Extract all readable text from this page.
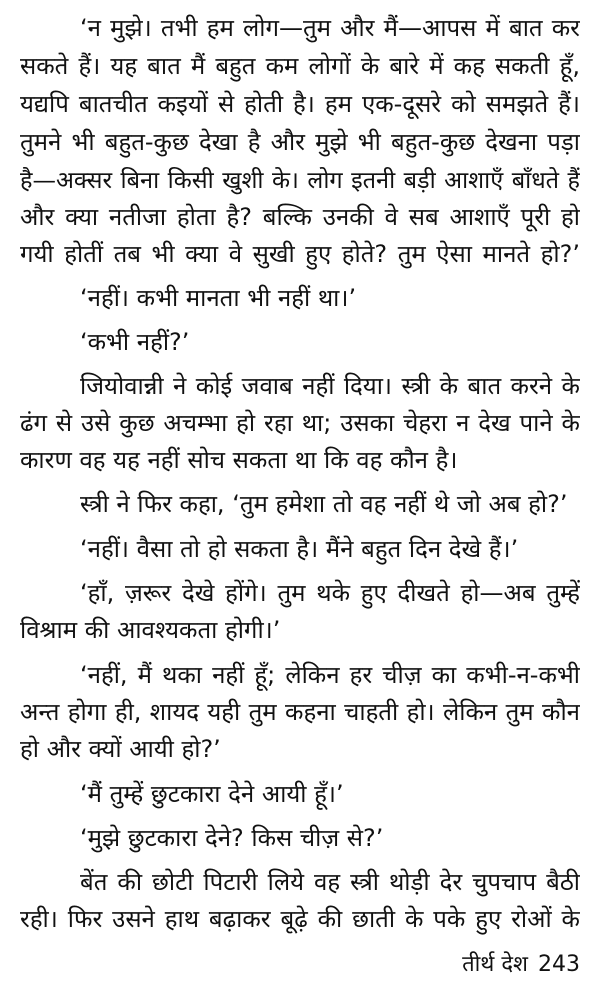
‘न मुझे। तभी हम लोग—तुम और मैं—आपस में बात कर
सकते हैं। यह बात मैं बहुत कम लोगों के बारे में कह सकती हूँ,
यद्यपि बातचीत कइयों से होती है। हम एक-दूसरे को समझते हैं।
तुमने भी बहुत-कुछ देखा है और मुझे भी बहुत-कुछ देखना पड़ा
है—अक्सर बिना किसी खुशी के। लोग इतनी बड़ी आशाएँ बाँधते हैं
और क्या नतीजा होता है? बल्कि उनकी वे सब आशाएँ पूरी हो
गयी होतीं तब भी क्या वे सुखी हुए होते? तुम ऐसा मानते हो?’
‘नहीं। कभी मानता भी नहीं था।’
‘कभी नहीं?’
जियोवान्नी ने कोई जवाब नहीं दिया। स्त्री के बात करने के
ढंग से उसे कुछ अचम्भा हो रहा था; उसका चेहरा न देख पाने के
कारण वह यह नहीं सोच सकता था कि वह कौन है।
स्त्री ने फिर कहा, ‘तुम हमेशा तो वह नहीं थे जो अब हो?’
‘नहीं। वैसा तो हो सकता है। मैंने बहुत दिन देखे हैं।’
‘हाँ, ज़रूर देखे होंगे। तुम थके हुए दीखते हो—अब तुम्हें
विश्राम की आवश्यकता होगी।’
‘नहीं, मैं थका नहीं हूँ; लेकिन हर चीज़ का कभी-न-कभी
अन्त होगा ही, शायद यही तुम कहना चाहती हो। लेकिन तुम कौन
हो और क्यों आयी हो?’
‘मैं तुम्हें छुटकारा देने आयी हूँ।’
‘मुझे छुटकारा देने? किस चीज़ से?’
बेंत की छोटी पिटारी लिये वह स्त्री थोड़ी देर चुपचाप बैठी
रही। फिर उसने हाथ बढ़ाकर बूढ़े की छाती के पके हुए रोओं के
तीर्थ देश 243
